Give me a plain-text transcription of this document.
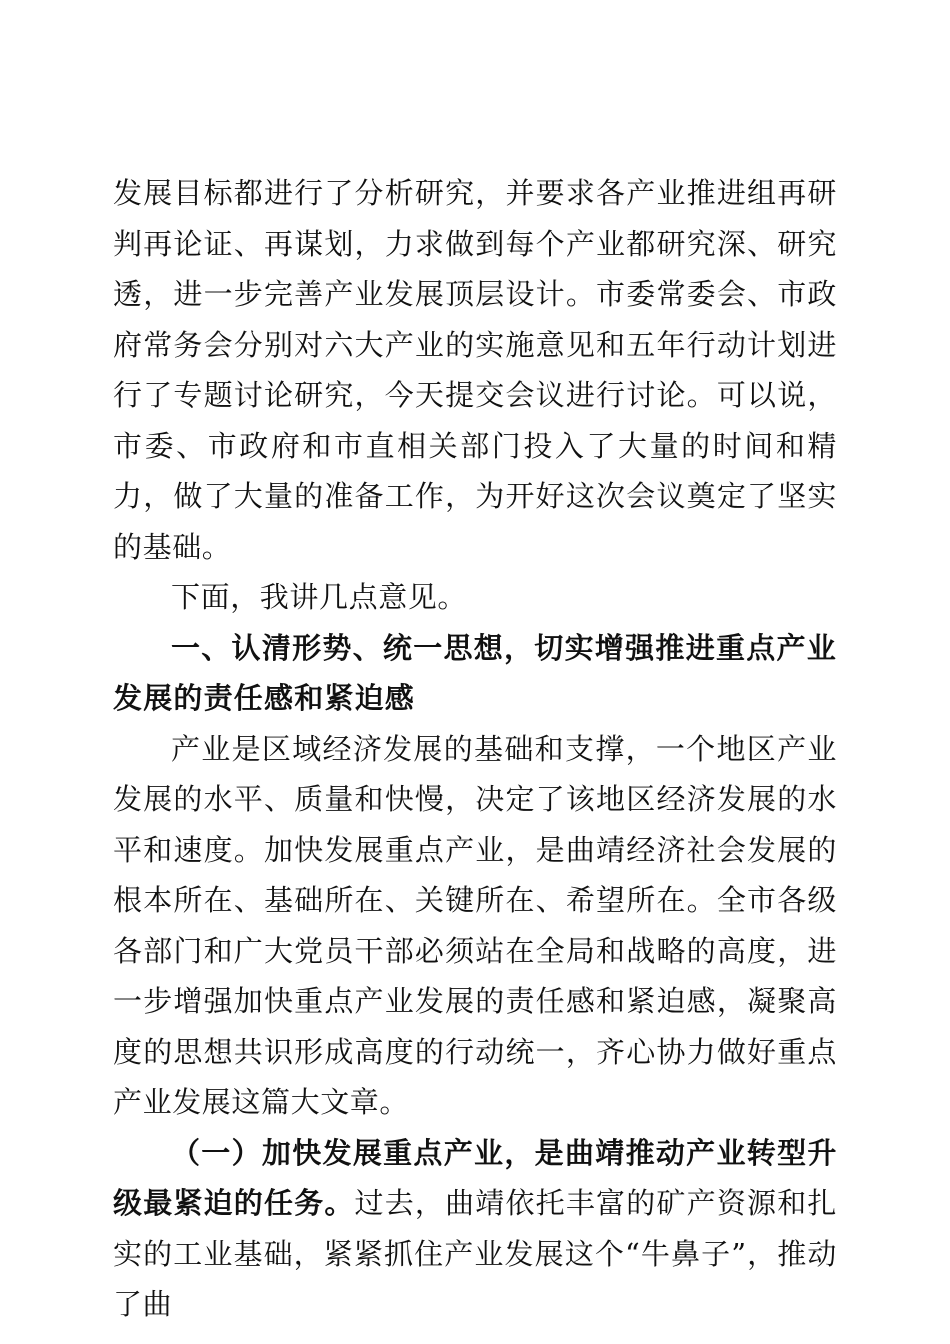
发展目标都进行了分析研究，并要求各产业推进组再研判再论证、再谋划，力求做到每个产业都研究深、研究透，进一步完善产业发展顶层设计。市委常委会、市政府常务会分别对六大产业的实施意见和五年行动计划进行了专题讨论研究，今天提交会议进行讨论。可以说，市委、市政府和市直相关部门投入了大量的时间和精力，做了大量的准备工作，为开好这次会议奠定了坚实的基础。

下面，我讲几点意见。

一、认清形势、统一思想，切实增强推进重点产业发展的责任感和紧迫感

产业是区域经济发展的基础和支撑，一个地区产业发展的水平、质量和快慢，决定了该地区经济发展的水平和速度。加快发展重点产业，是曲靖经济社会发展的根本所在、基础所在、关键所在、希望所在。全市各级各部门和广大党员干部必须站在全局和战略的高度，进一步增强加快重点产业发展的责任感和紧迫感，凝聚高度的思想共识形成高度的行动统一，齐心协力做好重点产业发展这篇大文章。

（一）加快发展重点产业，是曲靖推动产业转型升级最紧迫的任务。过去，曲靖依托丰富的矿产资源和扎实的工业基础，紧紧抓住产业发展这个“牛鼻子”，推动了曲
